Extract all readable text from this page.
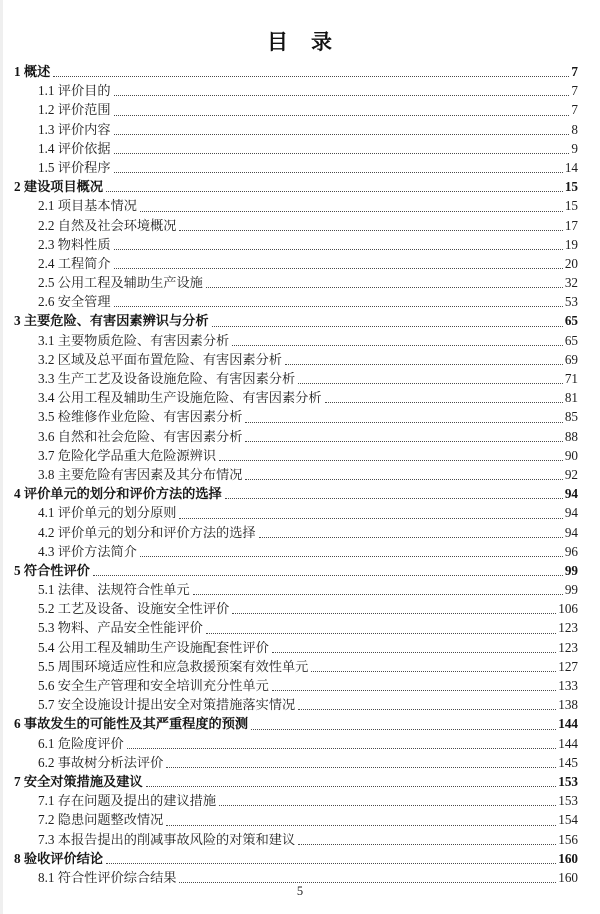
目　录
1 概述	7
1.1 评价目的	7
1.2 评价范围	7
1.3 评价内容	8
1.4 评价依据	9
1.5 评价程序	14
2 建设项目概况	15
2.1 项目基本情况	15
2.2 自然及社会环境概况	17
2.3 物料性质	19
2.4 工程简介	20
2.5 公用工程及辅助生产设施	32
2.6 安全管理	53
3 主要危险、有害因素辨识与分析	65
3.1 主要物质危险、有害因素分析	65
3.2 区域及总平面布置危险、有害因素分析	69
3.3 生产工艺及设备设施危险、有害因素分析	71
3.4 公用工程及辅助生产设施危险、有害因素分析	81
3.5 检维修作业危险、有害因素分析	85
3.6 自然和社会危险、有害因素分析	88
3.7 危险化学品重大危险源辨识	90
3.8 主要危险有害因素及其分布情况	92
4 评价单元的划分和评价方法的选择	94
4.1 评价单元的划分原则	94
4.2 评价单元的划分和评价方法的选择	94
4.3 评价方法简介	96
5 符合性评价	99
5.1 法律、法规符合性单元	99
5.2 工艺及设备、设施安全性评价	106
5.3 物料、产品安全性能评价	123
5.4 公用工程及辅助生产设施配套性评价	123
5.5 周围环境适应性和应急救援预案有效性单元	127
5.6 安全生产管理和安全培训充分性单元	133
5.7 安全设施设计提出安全对策措施落实情况	138
6 事故发生的可能性及其严重程度的预测	144
6.1 危险度评价	144
6.2 事故树分析法评价	145
7 安全对策措施及建议	153
7.1 存在问题及提出的建议措施	153
7.2 隐患问题整改情况	154
7.3 本报告提出的削减事故风险的对策和建议	156
8 验收评价结论	160
8.1 符合性评价综合结果	160
5
